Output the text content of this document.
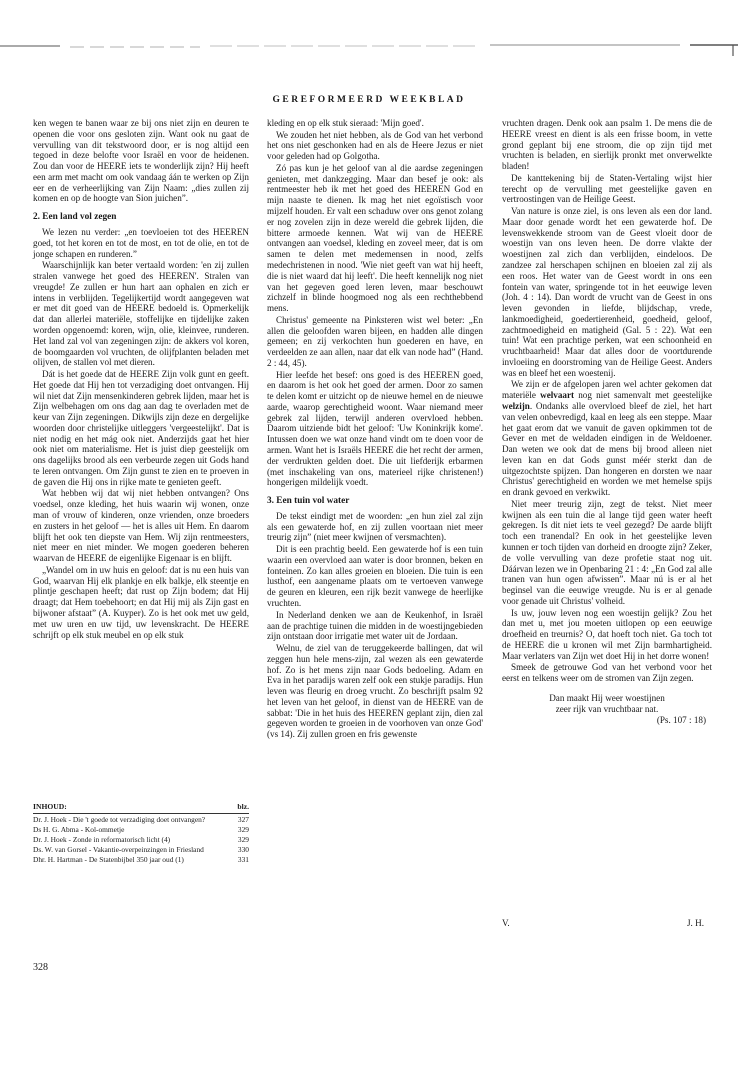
GEREFORMEERD WEEKBLAD

ken wegen te banen waar ze bij ons niet zijn en deuren te openen die voor ons gesloten zijn. Want ook nu gaat de vervulling van dit tekstwoord door, er is nog altijd een tegoed in deze belofte voor Israël en voor de heidenen. Zou dan voor de HEERE iets te wonderlijk zijn? Hij heeft een arm met macht om ook vandaag áán te werken op Zijn eer en de verheerlijking van Zijn Naam: „dies zullen zij komen en op de hoogte van Sion juichen”.

2. Een land vol zegen

We lezen nu verder: „en toevloeien tot des HEEREN goed, tot het koren en tot de most, en tot de olie, en tot de jonge schapen en runderen.”

Waarschijnlijk kan beter vertaald worden: 'en zij zullen stralen vanwege het goed des HEEREN'. Stralen van vreugde! Ze zullen er hun hart aan ophalen en zich er intens in verblijden. Tegelijkertijd wordt aangegeven wat er met dit goed van de HEERE bedoeld is. Opmerkelijk dat dan allerlei materiële, stoffelijke en tijdelijke zaken worden opgenoemd: koren, wijn, olie, kleinvee, runderen. Het land zal vol van zegeningen zijn: de akkers vol koren, de boomgaarden vol vruchten, de olijfplanten beladen met olijven, de stallen vol met dieren.

Dát is het goede dat de HEERE Zijn volk gunt en geeft. Het goede dat Hij hen tot verzadiging doet ontvangen. Hij wil niet dat Zijn mensenkinderen gebrek lijden, maar het is Zijn welbehagen om ons dag aan dag te overladen met de keur van Zijn zegeningen. Dikwijls zijn deze en dergelijke woorden door christelijke uitleggers 'vergeestelijkt'. Dat is niet nodig en het mág ook niet. Anderzijds gaat het hier ook niet om materialisme. Het is juist diep geestelijk om ons dagelijks brood als een verbeurde zegen uit Gods hand te leren ontvangen. Om Zijn gunst te zien en te proeven in de gaven die Hij ons in rijke mate te genieten geeft.

Wat hebben wij dat wij niet hebben ontvangen? Ons voedsel, onze kleding, het huis waarin wij wonen, onze man of vrouw of kinderen, onze vrienden, onze broeders en zusters in het geloof — het is alles uit Hem. En daarom blijft het ook ten diepste van Hem. Wij zijn rentmeesters, niet meer en niet minder. We mogen goederen beheren waarvan de HEERE de eigenlijke Eigenaar is en blijft.

„Wandel om in uw huis en geloof: dat is nu een huis van God, waarvan Hij elk plankje en elk balkje, elk steentje en plintje geschapen heeft; dat rust op Zijn bodem; dat Hij draagt; dat Hem toebehoort; en dat Hij mij als Zijn gast en bijwoner afstaat” (A. Kuyper). Zo is het ook met uw geld, met uw uren en uw tijd, uw levenskracht. De HEERE schrijft op elk stuk meubel en op elk stuk

INHOUD:	blz.
Dr. J. Hoek - Die 't goede tot verzadiging doet ontvangen?	327
Ds H. G. Abma - Kol-ommetje	329
Dr. J. Hoek - Zonde in reformatorisch licht (4)	329
Ds. W. van Gorsel - Vakantie-overpeinzingen in Friesland	330
Dhr. H. Hartman - De Statenbijbel 350 jaar oud (1)	331
328

kleding en op elk stuk sieraad: 'Mijn goed'.

We zouden het niet hebben, als de God van het verbond het ons niet geschonken had en als de Heere Jezus er niet voor geleden had op Golgotha.

Zó pas kun je het geloof van al die aardse zegeningen genieten, met dankzegging. Maar dan besef je ook: als rentmeester heb ik met het goed des HEEREN God en mijn naaste te dienen. Ik mag het niet egoïstisch voor mijzelf houden. Er valt een schaduw over ons genot zolang er nog zovelen zijn in deze wereld die gebrek lijden, die bittere armoede kennen. Wat wij van de HEERE ontvangen aan voedsel, kleding en zoveel meer, dat is om samen te delen met medemensen in nood, zelfs medechristenen in nood. 'Wie niet geeft van wat hij heeft, die is niet waard dat hij leeft'. Die heeft kennelijk nog niet van het gegeven goed leren leven, maar beschouwt zichzelf in blinde hoogmoed nog als een rechthebbend mens.

Christus' gemeente na Pinksteren wist wel beter: „En allen die geloofden waren bijeen, en hadden alle dingen gemeen; en zij verkochten hun goederen en have, en verdeelden ze aan allen, naar dat elk van node had” (Hand. 2 : 44, 45).

Hier leefde het besef: ons goed is des HEEREN goed, en daarom is het ook het goed der armen. Door zo samen te delen komt er uitzicht op de nieuwe hemel en de nieuwe aarde, waarop gerechtigheid woont. Waar niemand meer gebrek zal lijden, terwijl anderen overvloed hebben. Daarom uitziende bidt het geloof: 'Uw Koninkrijk kome'. Intussen doen we wat onze hand vindt om te doen voor de armen. Want het is Israëls HEERE die het recht der armen, der verdrukten gelden doet. Die uit liefderijk erbarmen (met inschakeling van ons, materieel rijke christenen!) hongerigen mildelijk voedt.

3. Een tuin vol water

De tekst eindigt met de woorden: „en hun ziel zal zijn als een gewaterde hof, en zij zullen voortaan niet meer treurig zijn” (niet meer kwijnen of versmachten).

Dit is een prachtig beeld. Een gewaterde hof is een tuin waarin een overvloed aan water is door bronnen, beken en fonteinen. Zo kan alles groeien en bloeien. Die tuin is een lusthof, een aangename plaats om te vertoeven vanwege de geuren en kleuren, een rijk bezit vanwege de heerlijke vruchten.

In Nederland denken we aan de Keukenhof, in Israël aan de prachtige tuinen die midden in de woestijngebieden zijn ontstaan door irrigatie met water uit de Jordaan.

Welnu, de ziel van de teruggekeerde ballingen, dat wil zeggen hun hele mens-zijn, zal wezen als een gewaterde hof. Zo is het mens zijn naar Gods bedoeling. Adam en Eva in het paradijs waren zelf ook een stukje paradijs. Hun leven was fleurig en droeg vrucht. Zo beschrijft psalm 92 het leven van het geloof, in dienst van de HEERE van de sabbat: 'Die in het huis des HEEREN geplant zijn, dien zal gegeven worden te groeien in de voorhoven van onze God' (vs 14). Zij zullen groen en fris gewenste

vruchten dragen. Denk ook aan psalm 1. De mens die de HEERE vreest en dient is als een frisse boom, in vette grond geplant bij ene stroom, die op zijn tijd met vruchten is beladen, en sierlijk pronkt met onverwelkte bladen!

De kanttekening bij de Staten-Vertaling wijst hier terecht op de vervulling met geestelijke gaven en vertroostingen van de Heilige Geest.

Van nature is onze ziel, is ons leven als een dor land. Maar door genade wordt het een gewaterde hof. De levenswekkende stroom van de Geest vloeit door de woestijn van ons leven heen. De dorre vlakte der woestijnen zal zich dan verblijden, eindeloos. De zandzee zal herschapen schijnen en bloeien zal zij als een roos. Het water van de Geest wordt in ons een fontein van water, springende tot in het eeuwige leven (Joh. 4 : 14). Dan wordt de vrucht van de Geest in ons leven gevonden in liefde, blijdschap, vrede, lankmoedigheid, goedertierenheid, goedheid, geloof, zachtmoedigheid en matigheid (Gal. 5 : 22). Wat een tuin! Wat een prachtige perken, wat een schoonheid en vruchtbaarheid! Maar dat alles door de voortdurende invloeiing en doorstroming van de Heilige Geest. Anders was en bleef het een woestenij.

We zijn er de afgelopen jaren wel achter gekomen dat materiële welvaart nog niet samenvalt met geestelijke welzijn. Ondanks alle overvloed bleef de ziel, het hart van velen onbevredigd, kaal en leeg als een steppe. Maar het gaat erom dat we vanuit de gaven opkimmen tot de Gever en met de weldaden eindigen in de Weldoener. Dan weten we ook dat de mens bij brood alleen niet leven kan en dat Gods gunst méér sterkt dan de uitgezochtste spijzen. Dan hongeren en dorsten we naar Christus' gerechtigheid en worden we met hemelse spijs en drank gevoed en verkwikt.

Niet meer treurig zijn, zegt de tekst. Niet meer kwijnen als een tuin die al lange tijd geen water heeft gekregen. Is dit niet iets te veel gezegd? De aarde blijft toch een tranendal? En ook in het geestelijke leven kunnen er toch tijden van dorheid en droogte zijn? Zeker, de volle vervulling van deze profetie staat nog uit. Dáárvan lezen we in Openbaring 21 : 4: „En God zal alle tranen van hun ogen afwissen”. Maar nú is er al het beginsel van die eeuwige vreugde. Nu is er al genade voor genade uit Christus' volheid.

Is uw, jouw leven nog een woestijn gelijk? Zou het dan met u, met jou moeten uitlopen op een eeuwige droefheid en treurnis? O, dat hoeft toch niet. Ga toch tot de HEERE die u kronen wil met Zijn barmhartigheid. Maar verlaters van Zijn wet doet Hij in het dorre wonen!

Smeek de getrouwe God van het verbond voor het eerst en telkens weer om de stromen van Zijn zegen.

Dan maakt Hij weer woestijnen
zeer rijk van vruchtbaar nat.
(Ps. 107 : 18)
V.	J. H.
